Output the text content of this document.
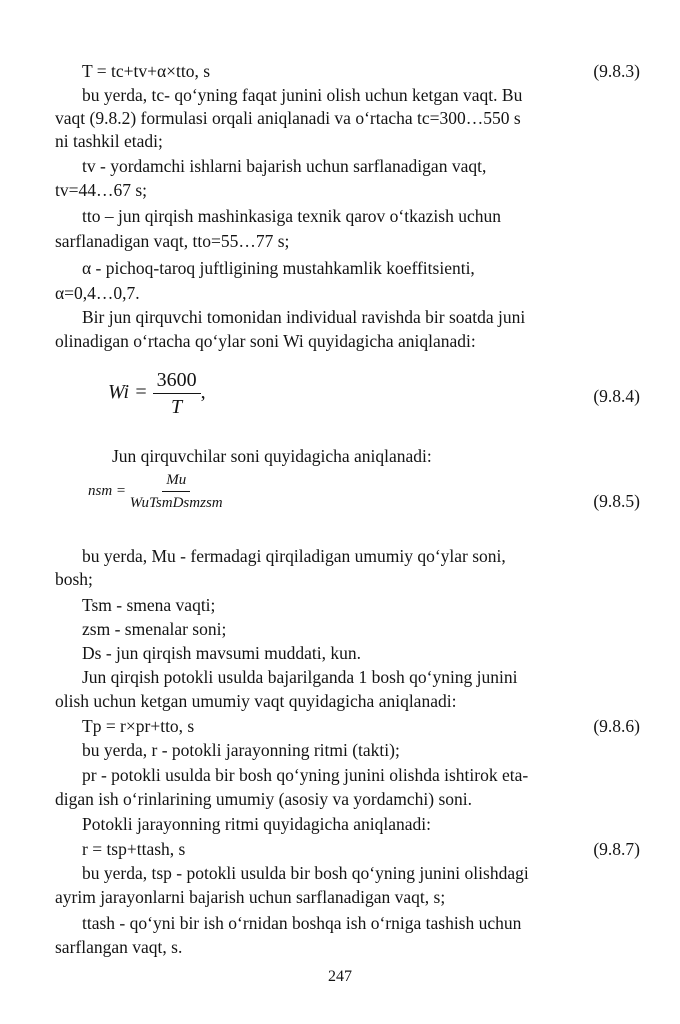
T = tc+tv+α×tto, s	(9.8.3)
bu yerda, tc- qo‘yning faqat junini olish uchun ketgan vaqt. Bu
vaqt (9.8.2) formulasi orqali aniqlanadi va o‘rtacha tc=300…550 s
ni tashkil etadi;
tv - yordamchi ishlarni bajarish uchun sarflanadigan vaqt,
tv=44…67 s;
tto – jun qirqish mashinkasiga texnik qarov o‘tkazish uchun
sarflanadigan vaqt, tto=55…77 s;
α - pichoq-taroq juftligining mustahkamlik koeffitsienti,
α=0,4…0,7.
Bir jun qirquvchi tomonidan individual ravishda bir soatda juni
olinadigan o‘rtacha qo‘ylar soni Wi quyidagicha aniqlanadi:
$Wi = \frac{3600}{T}$ ,	(9.8.4)
Jun qirquvchilar soni quyidagicha aniqlanadi:
nsm = $\frac{Mu}{\text{WuTsmDsmzsm}}$	(9.8.5)
bu yerda, Mu - fermadagi qirqiladigan umumiy qo‘ylar soni,
bosh;
Tsm - smena vaqti;
zsm - smenalar soni;
Ds - jun qirqish mavsumi muddati, kun.
Jun qirqish potokli usulda bajarilganda 1 bosh qo‘yning junini
olish uchun ketgan umumiy vaqt quyidagicha aniqlanadi:
Tp = r×pr+tto, s	(9.8.6)
bu yerda, r - potokli jarayonning ritmi (takti);
pr - potokli usulda bir bosh qo‘yning junini olishda ishtirok eta-
digan ish o‘rinlarining umumiy (asosiy va yordamchi) soni.
Potokli jarayonning ritmi quyidagicha aniqlanadi:
r = tsp+ttash, s	(9.8.7)
bu yerda, tsp - potokli usulda bir bosh qo‘yning junini olishdagi
ayrim jarayonlarni bajarish uchun sarflanadigan vaqt, s;
ttash - qo‘yni bir ish o‘rnidan boshqa ish o‘rniga tashish uchun
sarflangan vaqt, s.
247
